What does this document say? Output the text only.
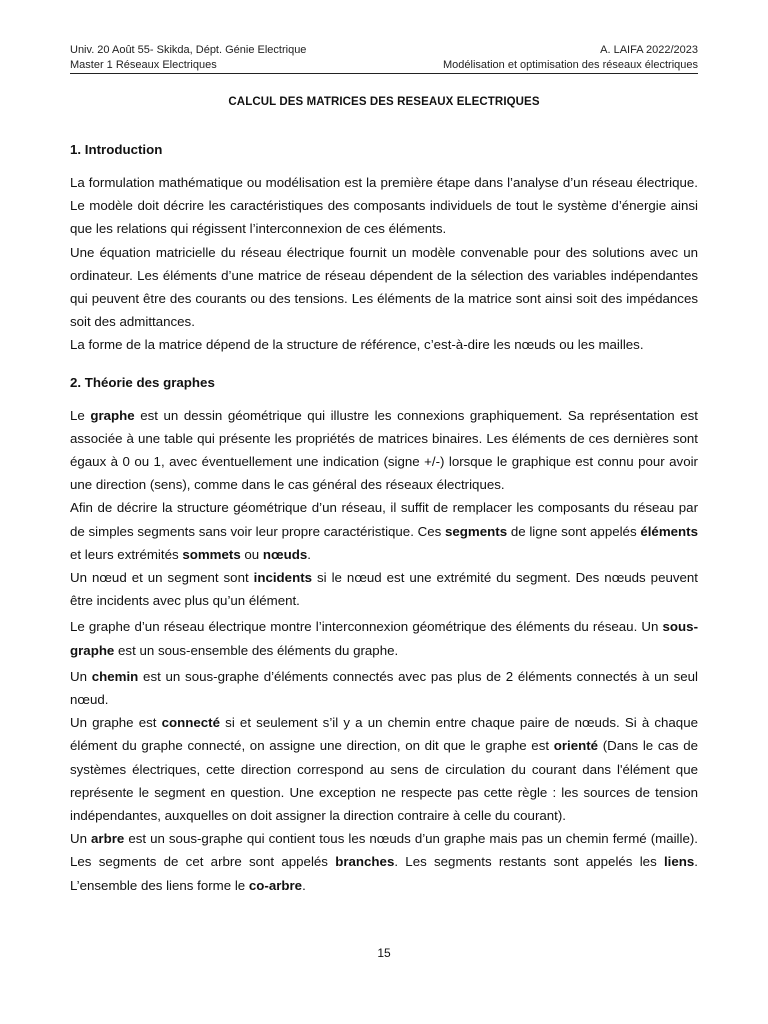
Univ. 20 Août 55- Skikda, Dépt. Génie Electrique	A. LAIFA 2022/2023
Master 1 Réseaux Electriques	Modélisation et optimisation des réseaux électriques
CALCUL DES MATRICES DES RESEAUX ELECTRIQUES
1. Introduction

La formulation mathématique ou modélisation est la première étape dans l’analyse d’un réseau électrique. Le modèle doit décrire les caractéristiques des composants individuels de tout le système d’énergie ainsi que les relations qui régissent l’interconnexion de ces éléments.

Une équation matricielle du réseau électrique fournit un modèle convenable pour des solutions avec un ordinateur. Les éléments d’une matrice de réseau dépendent de la sélection des variables indépendantes qui peuvent être des courants ou des tensions. Les éléments de la matrice sont ainsi soit des impédances soit des admittances.

La forme de la matrice dépend de la structure de référence, c’est-à-dire les nœuds ou les mailles.

2. Théorie des graphes

Le graphe est un dessin géométrique qui illustre les connexions graphiquement. Sa représentation est associée à une table qui présente les propriétés de matrices binaires. Les éléments de ces dernières sont égaux à 0 ou 1, avec éventuellement une indication (signe +/-) lorsque le graphique est connu pour avoir une direction (sens), comme dans le cas général des réseaux électriques.

Afin de décrire la structure géométrique d’un réseau, il suffit de remplacer les composants du réseau par de simples segments sans voir leur propre caractéristique. Ces segments de ligne sont appelés éléments et leurs extrémités sommets ou nœuds.

Un nœud et un segment sont incidents si le nœud est une extrémité du segment. Des nœuds peuvent être incidents avec plus qu’un élément.

Le graphe d’un réseau électrique montre l’interconnexion géométrique des éléments du réseau. Un sous-graphe est un sous-ensemble des éléments du graphe.

Un chemin est un sous-graphe d’éléments connectés avec pas plus de 2 éléments connectés à un seul nœud.

Un graphe est connecté si et seulement s’il y a un chemin entre chaque paire de nœuds. Si à chaque élément du graphe connecté, on assigne une direction, on dit que le graphe est orienté (Dans le cas de systèmes électriques, cette direction correspond au sens de circulation du courant dans l'élément que représente le segment en question. Une exception ne respecte pas cette règle : les sources de tension indépendantes, auxquelles on doit assigner la direction contraire à celle du courant).

Un arbre est un sous-graphe qui contient tous les nœuds d’un graphe mais pas un chemin fermé (maille). Les segments de cet arbre sont appelés branches. Les segments restants sont appelés les liens. L’ensemble des liens forme le co-arbre.

15
